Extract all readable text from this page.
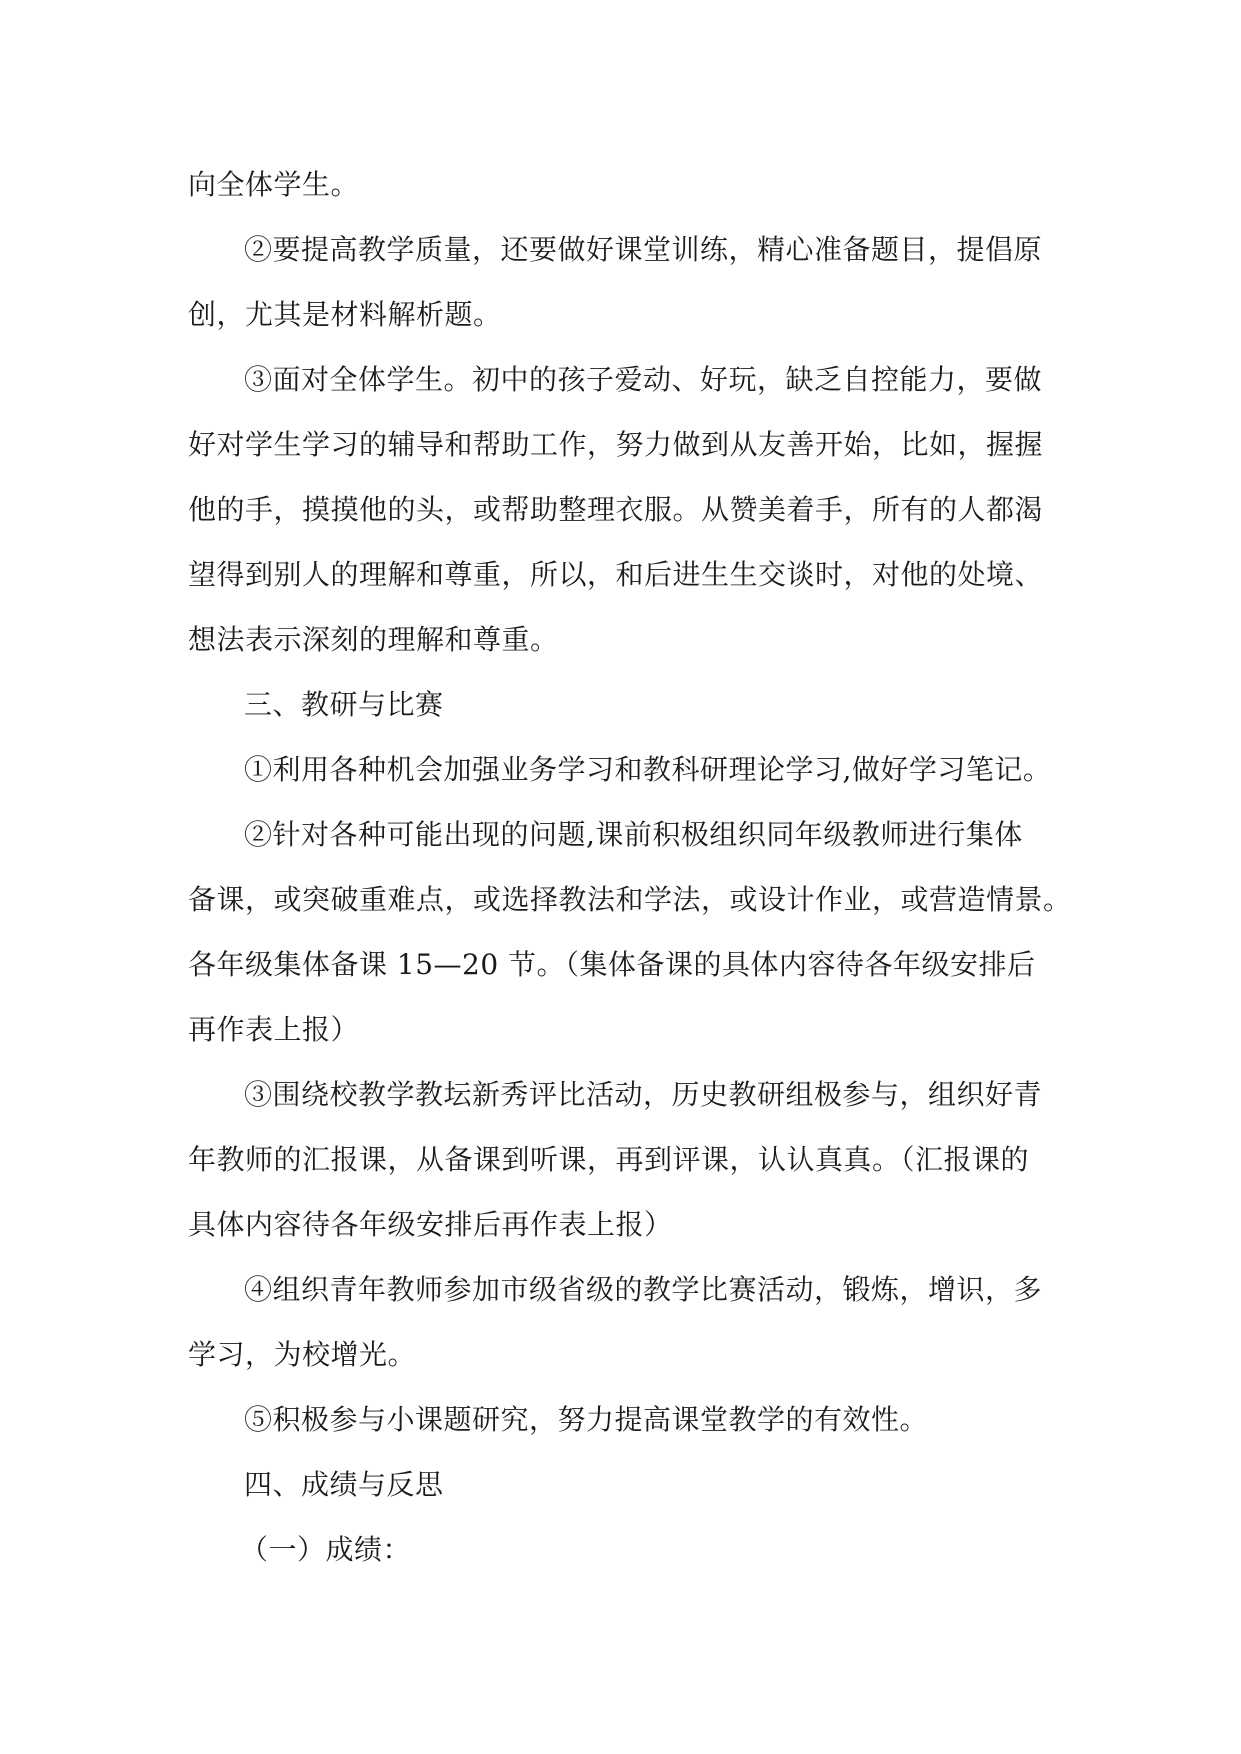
向全体学生。
②要提高教学质量，还要做好课堂训练，精心准备题目，提倡原
创，尤其是材料解析题。
③面对全体学生。初中的孩子爱动、好玩，缺乏自控能力，要做
好对学生学习的辅导和帮助工作，努力做到从友善开始，比如，握握
他的手，摸摸他的头，或帮助整理衣服。从赞美着手，所有的人都渴
望得到别人的理解和尊重，所以，和后进生生交谈时，对他的处境、
想法表示深刻的理解和尊重。
三、教研与比赛
①利用各种机会加强业务学习和教科研理论学习,做好学习笔记。
②针对各种可能出现的问题,课前积极组织同年级教师进行集体
备课，或突破重难点，或选择教法和学法，或设计作业，或营造情景。
各年级集体备课 15—20 节。（集体备课的具体内容待各年级安排后
再作表上报）
③围绕校教学教坛新秀评比活动，历史教研组极参与，组织好青
年教师的汇报课，从备课到听课，再到评课，认认真真。（汇报课的
具体内容待各年级安排后再作表上报）
④组织青年教师参加市级省级的教学比赛活动，锻炼，增识，多
学习，为校增光。
⑤积极参与小课题研究，努力提高课堂教学的有效性。
四、成绩与反思
（一）成绩：
